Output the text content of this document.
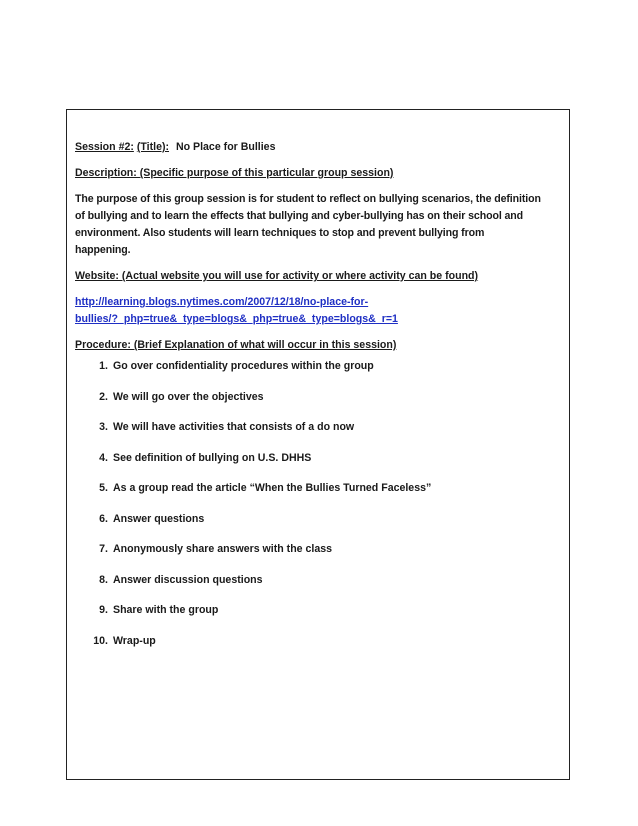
Session #2: (Title): No Place for Bullies
Description: (Specific purpose of this particular group session)
The purpose of this group session is for student to reflect on bullying scenarios, the definition
of bullying and to learn the effects that bullying and cyber-bullying has on their school and
environment. Also students will learn techniques to stop and prevent bullying from
happening.
Website: (Actual website you will use for activity or where activity can be found)
http://learning.blogs.nytimes.com/2007/12/18/no-place-for-
bullies/?_php=true&_type=blogs&_php=true&_type=blogs&_r=1
Procedure: (Brief Explanation of what will occur in this session)
1. Go over confidentiality procedures within the group
2. We will go over the objectives
3. We will have activities that consists of a do now
4. See definition of bullying on U.S. DHHS
5. As a group read the article “When the Bullies Turned Faceless”
6. Answer questions
7. Anonymously share answers with the class
8. Answer discussion questions
9. Share with the group
10. Wrap-up
